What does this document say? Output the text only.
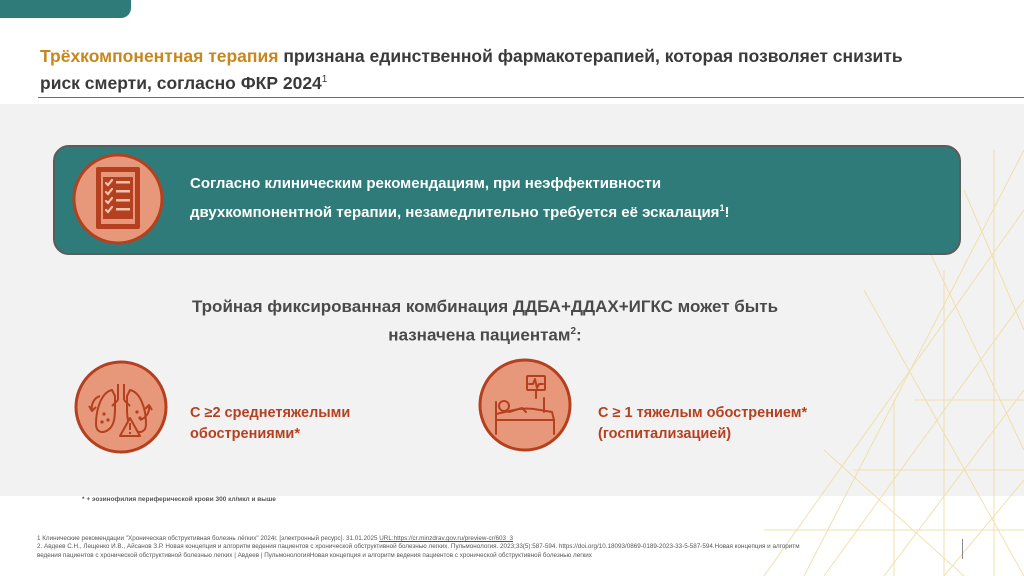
Трёхкомпонентная терапия признана единственной фармакотерапией, которая позволяет снизить риск смерти, согласно ФКР 2024$^1$
Согласно клиническим рекомендациям, при неэффективности
двухкомпонентной терапии, незамедлительно требуется её эскалация$^1$!
Тройная фиксированная комбинация ДДБА+ДДАХ+ИГКС может быть
назначена пациентам$^2$:
С ≥2 среднетяжелыми
обострениями*
С ≥ 1 тяжелым обострением*
(госпитализацией)
* + эозинофилия периферической крови 300 кл/мкл и выше
1 Клинические рекомендации "Хроническая обструктивная болезнь лёгких" 2024г. [электронный ресурс]. 31.01.2025 URL:https://cr.minzdrav.gov.ru/preview-cr/603_3
2. Авдеев С.Н., Лещенко И.В., Айсанов З.Р. Новая концепция и алгоритм ведения пациентов с хронической обструктивной болезнью легких. Пульмонология. 2023;33(5):587-594. https://doi.org/10.18093/0869-0189-2023-33-5-587-594.Новая концепция и алгоритм
ведения пациентов с хронической обструктивной болезнью легких | Авдеев | ПульмонологияНовая концепция и алгоритм ведения пациентов с хронической обструктивной болезнью легких
